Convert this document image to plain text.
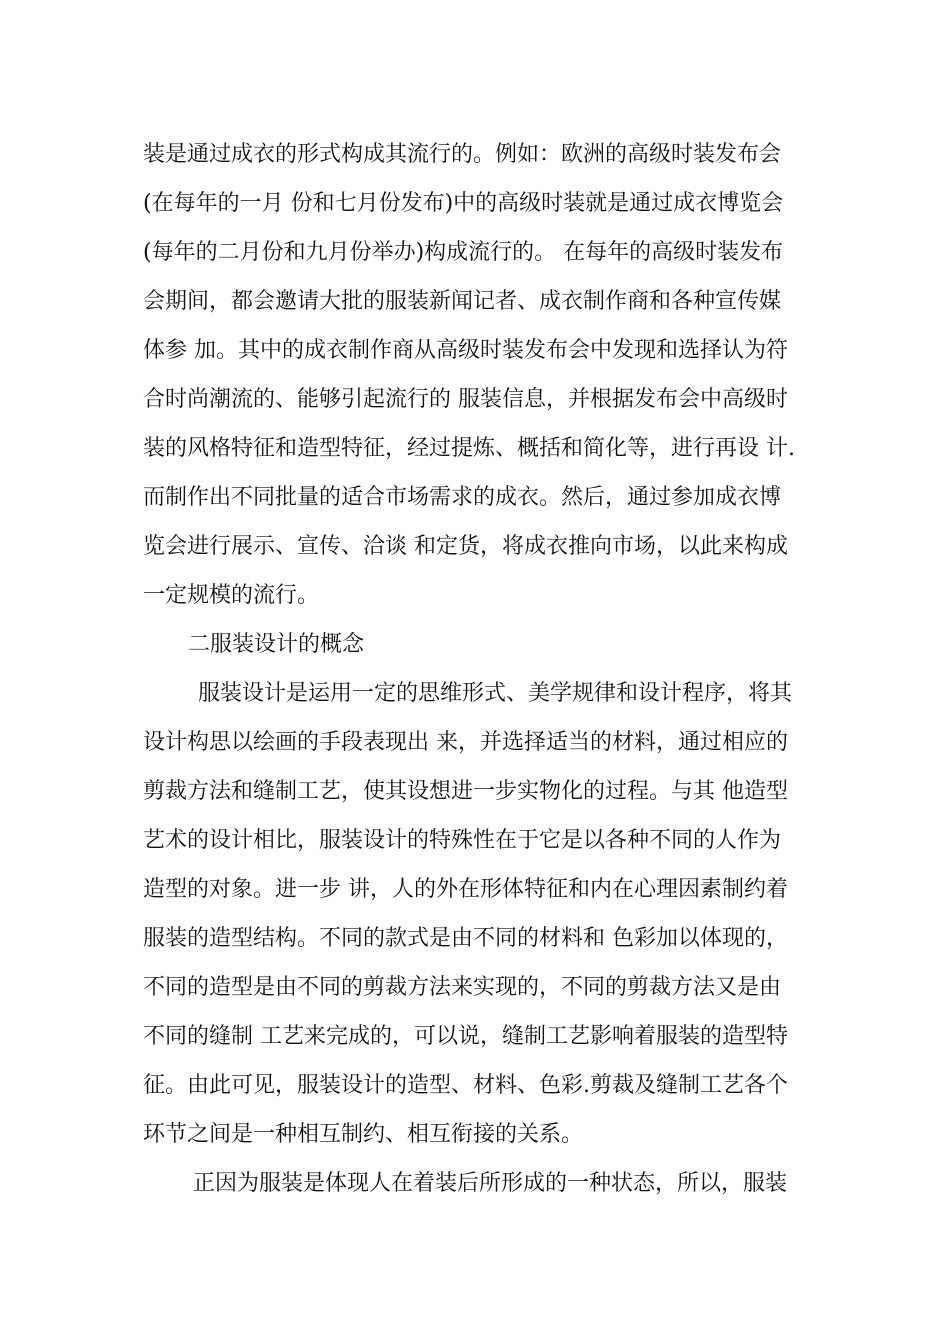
装是通过成衣的形式构成其流行的。例如：欧洲的高级时装发布会
(在每年的一月 份和七月份发布)中的高级时装就是通过成衣博览会
(每年的二月份和九月份举办)构成流行的。 在每年的高级时装发布
会期间，都会邀请大批的服装新闻记者、成衣制作商和各种宣传媒
体参 加。其中的成衣制作商从高级时装发布会中发现和选择认为符
合时尚潮流的、能够引起流行的 服装信息，并根据发布会中高级时
装的风格特征和造型特征，经过提炼、概括和简化等，进行再设 计.
而制作出不同批量的适合市场需求的成衣。然后，通过参加成衣博
览会进行展示、宣传、洽谈 和定货，将成衣推向市场，以此来构成
一定规模的流行。
二服装设计的概念
服装设计是运用一定的思维形式、美学规律和设计程序，将其
设计构思以绘画的手段表现出 来，并选择适当的材料，通过相应的
剪裁方法和缝制工艺，使其设想进一步实物化的过程。与其 他造型
艺术的设计相比，服装设计的特殊性在于它是以各种不同的人作为
造型的对象。进一步 讲，人的外在形体特征和内在心理因素制约着
服装的造型结构。不同的款式是由不同的材料和 色彩加以体现的，
不同的造型是由不同的剪裁方法来实现的，不同的剪裁方法又是由
不同的缝制 工艺来完成的，可以说，缝制工艺影响着服装的造型特
征。由此可见，服装设计的造型、材料、色彩.剪裁及缝制工艺各个
环节之间是一种相互制约、相互衔接的关系。
正因为服装是体现人在着装后所形成的一种状态，所以，服装
